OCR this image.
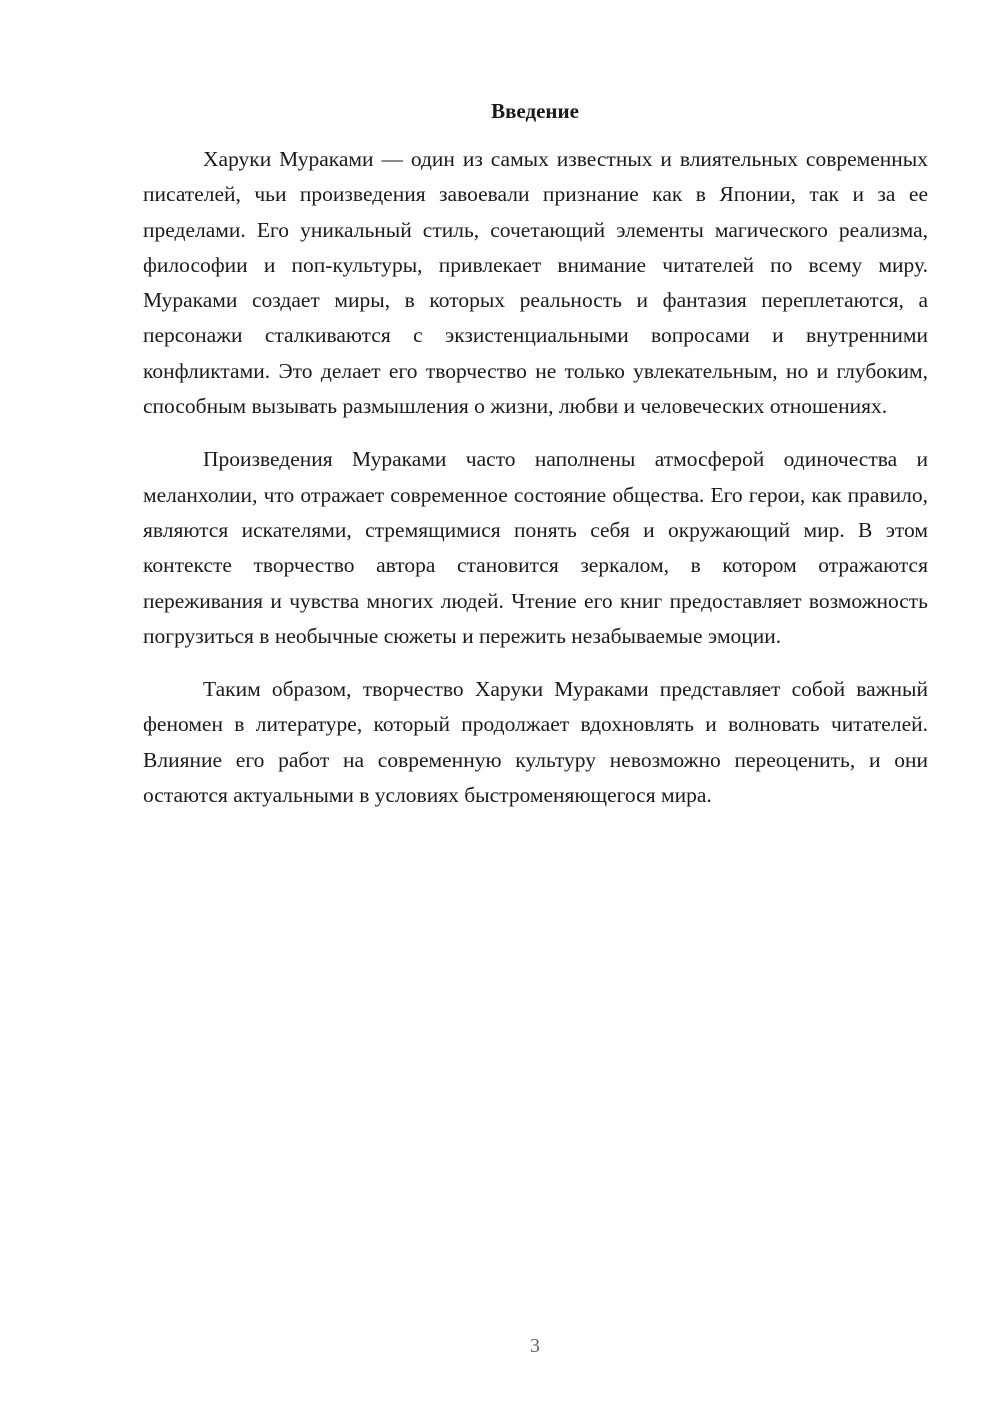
Введение

Харуки Мураками — один из самых известных и влиятельных современных писателей, чьи произведения завоевали признание как в Японии, так и за ее пределами. Его уникальный стиль, сочетающий элементы магического реализма, философии и поп-культуры, привлекает внимание читателей по всему миру. Мураками создает миры, в которых реальность и фантазия переплетаются, а персонажи сталкиваются с экзистенциальными вопросами и внутренними конфликтами. Это делает его творчество не только увлекательным, но и глубоким, способным вызывать размышления о жизни, любви и человеческих отношениях.

Произведения Мураками часто наполнены атмосферой одиночества и меланхолии, что отражает современное состояние общества. Его герои, как правило, являются искателями, стремящимися понять себя и окружающий мир. В этом контексте творчество автора становится зеркалом, в котором отражаются переживания и чувства многих людей. Чтение его книг предоставляет возможность погрузиться в необычные сюжеты и пережить незабываемые эмоции.

Таким образом, творчество Харуки Мураками представляет собой важный феномен в литературе, который продолжает вдохновлять и волновать читателей. Влияние его работ на современную культуру невозможно переоценить, и они остаются актуальными в условиях быстроменяющегося мира.

3
